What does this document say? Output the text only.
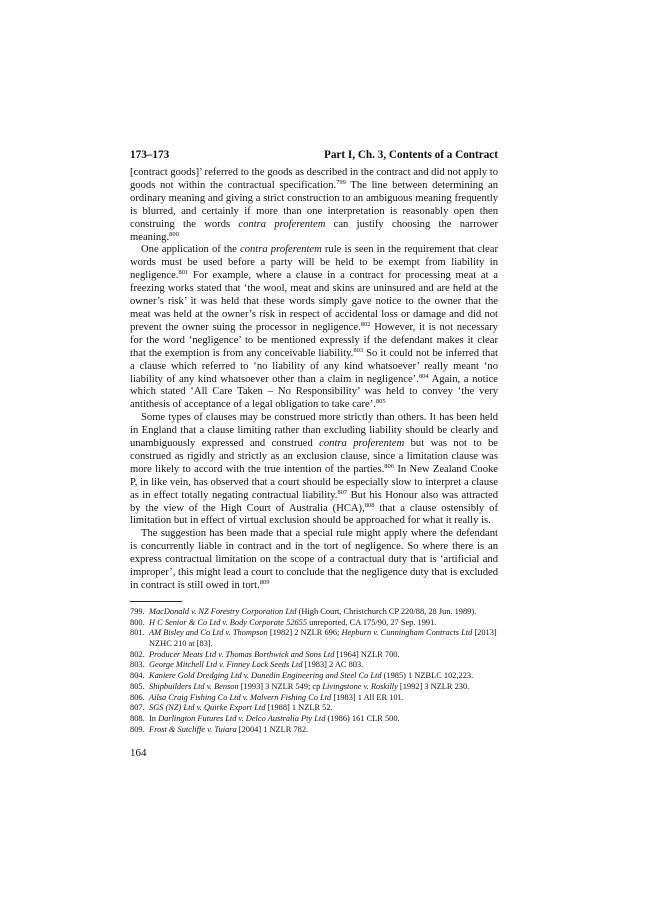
173–173	Part I, Ch. 3, Contents of a Contract

[contract goods]’ referred to the goods as described in the contract and did not apply to goods not within the contractual specification.$^{799}$ The line between determining an ordinary meaning and giving a strict construction to an ambiguous meaning frequently is blurred, and certainly if more than one interpretation is reasonably open then construing the words contra proferentem can justify choosing the narrower meaning.$^{800}$

One application of the contra proferentem rule is seen in the requirement that clear words must be used before a party will be held to be exempt from liability in negligence.$^{801}$ For example, where a clause in a contract for processing meat at a freezing works stated that ‘the wool, meat and skins are uninsured and are held at the owner’s risk’ it was held that these words simply gave notice to the owner that the meat was held at the owner’s risk in respect of accidental loss or damage and did not prevent the owner suing the processor in negligence.$^{802}$ However, it is not necessary for the word ‘negligence’ to be mentioned expressly if the defendant makes it clear that the exemption is from any conceivable liability.$^{803}$ So it could not be inferred that a clause which referred to ‘no liability of any kind whatsoever’ really meant ‘no liability of any kind whatsoever other than a claim in negligence’.$^{804}$ Again, a notice which stated ‘All Care Taken – No Responsibility’ was held to convey ‘the very antithesis of acceptance of a legal obligation to take care’.$^{805}$

Some types of clauses may be construed more strictly than others. It has been held in England that a clause limiting rather than excluding liability should be clearly and unambiguously expressed and construed contra proferentem but was not to be construed as rigidly and strictly as an exclusion clause, since a limitation clause was more likely to accord with the true intention of the parties.$^{806}$ In New Zealand Cooke P, in like vein, has observed that a court should be especially slow to interpret a clause as in effect totally negating contractual liability.$^{807}$ But his Honour also was attracted by the view of the High Court of Australia (HCA),$^{808}$ that a clause ostensibly of limitation but in effect of virtual exclusion should be approached for what it really is.

The suggestion has been made that a special rule might apply where the defendant is concurrently liable in contract and in the tort of negligence. So where there is an express contractual limitation on the scope of a contractual duty that is ‘artificial and improper’, this might lead a court to conclude that the negligence duty that is excluded in contract is still owed in tort.$^{809}$

799. MacDonald v. NZ Forestry Corporation Ltd (High Court, Christchurch CP 220/88, 28 Jun. 1989).
800. H C Senior & Co Ltd v. Body Corporate 52655 unreported, CA 175/90, 27 Sep. 1991.
801. AM Bisley and Co Ltd v. Thompson [1982] 2 NZLR 696; Hepburn v. Cunningham Contracts Ltd [2013] NZHC 210 at [83].
802. Producer Meats Ltd v. Thomas Borthwick and Sons Ltd [1964] NZLR 700.
803. George Mitchell Ltd v. Finney Lock Seeds Ltd [1983] 2 AC 803.
804. Kaniere Gold Dredging Ltd v. Dunedin Engineering and Steel Co Ltd (1985) 1 NZBLC 102,223.
805. Shipbuilders Ltd v. Benson [1993] 3 NZLR 549; cp Livingstone v. Roskilly [1992] 3 NZLR 230.
806. Ailsa Craig Fishing Co Ltd v. Malvern Fishing Co Ltd [1983] 1 All ER 101.
807. SGS (NZ) Ltd v. Quirke Export Ltd [1988] 1 NZLR 52.
808. In Darlington Futures Ltd v. Delco Australia Pty Ltd (1986) 161 CLR 500.
809. Frost & Sutcliffe v. Tuiara [2004] 1 NZLR 782.
164
